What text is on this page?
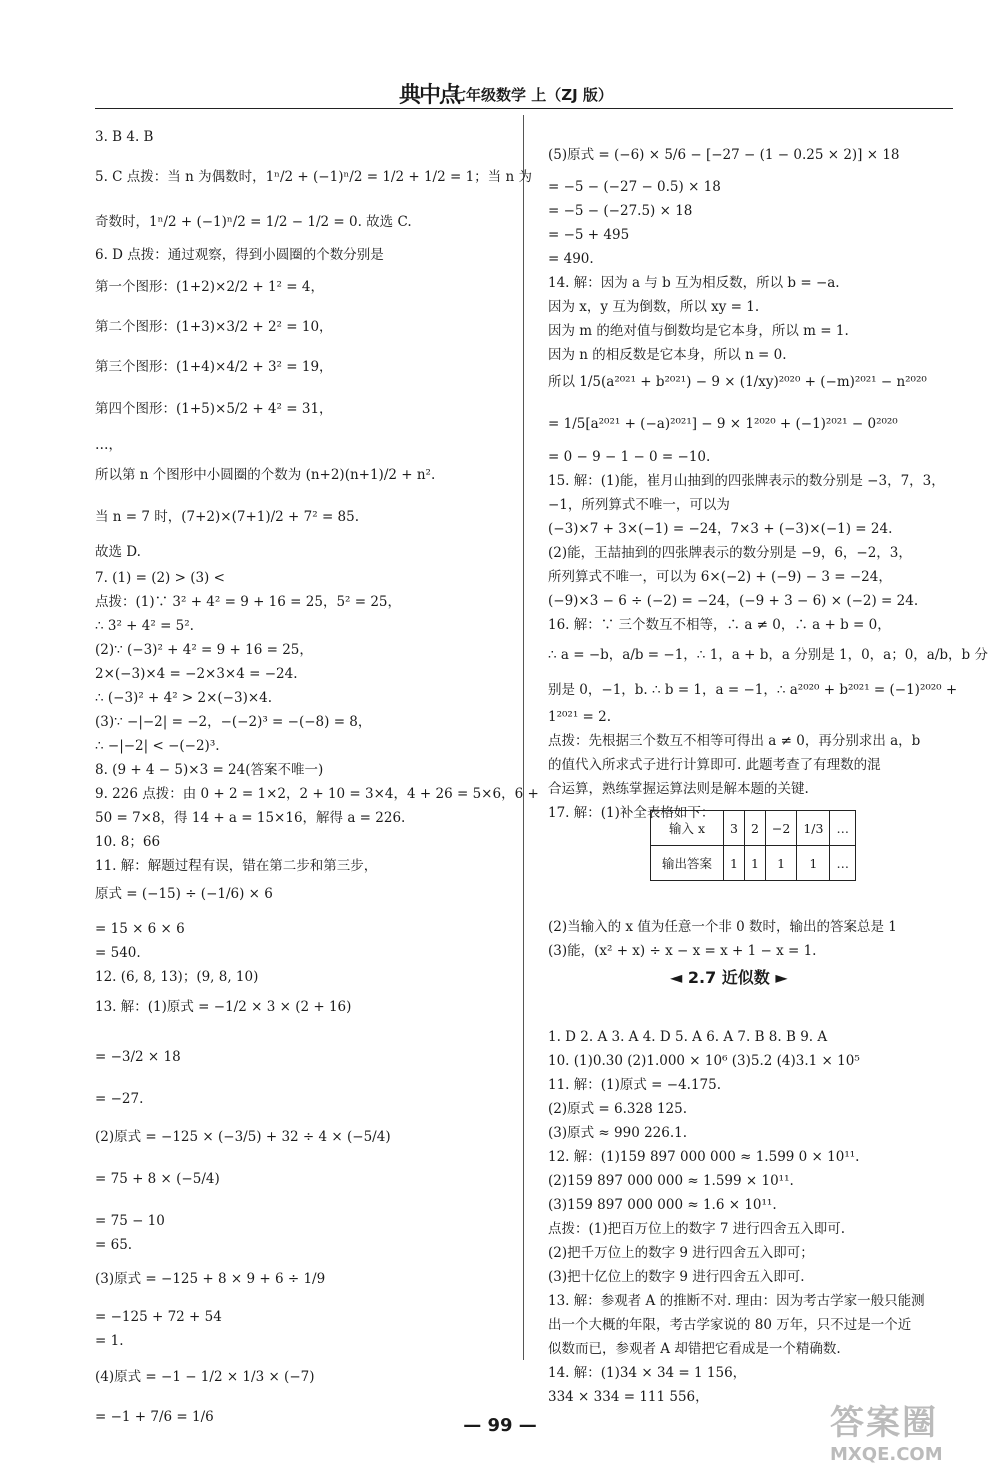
典中点
七年级数学 上（ZJ 版）
3. B 4. B
5. C 点拨：当 n 为偶数时，1ⁿ/2 + (−1)ⁿ/2 = 1/2 + 1/2 = 1；当 n 为
奇数时，1ⁿ/2 + (−1)ⁿ/2 = 1/2 − 1/2 = 0. 故选 C.
6. D 点拨：通过观察，得到小圆圈的个数分别是
第一个图形：(1+2)×2/2 + 1² = 4，
第二个图形：(1+3)×3/2 + 2² = 10，
第三个图形：(1+4)×4/2 + 3² = 19，
第四个图形：(1+5)×5/2 + 4² = 31，
…，
所以第 n 个图形中小圆圈的个数为 (n+2)(n+1)/2 + n².
当 n = 7 时，(7+2)×(7+1)/2 + 7² = 85.
故选 D.
7. (1) = (2) > (3) <
点拨：(1)∵ 3² + 4² = 9 + 16 = 25，5² = 25，
∴ 3² + 4² = 5².
(2)∵ (−3)² + 4² = 9 + 16 = 25，
2×(−3)×4 = −2×3×4 = −24.
∴ (−3)² + 4² > 2×(−3)×4.
(3)∵ −|−2| = −2，−(−2)³ = −(−8) = 8，
∴ −|−2| < −(−2)³.
8. (9 + 4 − 5)×3 = 24(答案不唯一)
9. 226 点拨：由 0 + 2 = 1×2，2 + 10 = 3×4，4 + 26 = 5×6，6 +
50 = 7×8，得 14 + a = 15×16，解得 a = 226.
10. 8；66
11. 解：解题过程有误，错在第二步和第三步，
原式 = (−15) ÷ (−1/6) × 6
= 15 × 6 × 6
= 540.
12. (6, 8, 13)；(9, 8, 10)
13. 解：(1)原式 = −1/2 × 3 × (2 + 16)
= −3/2 × 18
= −27.
(2)原式 = −125 × (−3/5) + 32 ÷ 4 × (−5/4)
= 75 + 8 × (−5/4)
= 75 − 10
= 65.
(3)原式 = −125 + 8 × 9 + 6 ÷ 1/9
= −125 + 72 + 54
= 1.
(4)原式 = −1 − 1/2 × 1/3 × (−7)
= −1 + 7/6 = 1/6
(5)原式 = (−6) × 5/6 − [−27 − (1 − 0.25 × 2)] × 18
= −5 − (−27 − 0.5) × 18
= −5 − (−27.5) × 18
= −5 + 495
= 490.
14. 解：因为 a 与 b 互为相反数，所以 b = −a.
因为 x，y 互为倒数，所以 xy = 1.
因为 m 的绝对值与倒数均是它本身，所以 m = 1.
因为 n 的相反数是它本身，所以 n = 0.
所以 1/5(a²⁰²¹ + b²⁰²¹) − 9 × (1/xy)²⁰²⁰ + (−m)²⁰²¹ − n²⁰²⁰
= 1/5[a²⁰²¹ + (−a)²⁰²¹] − 9 × 1²⁰²⁰ + (−1)²⁰²¹ − 0²⁰²⁰
= 0 − 9 − 1 − 0 = −10.
15. 解：(1)能，崔月山抽到的四张牌表示的数分别是 −3，7，3，
−1，所列算式不唯一，可以为
(−3)×7 + 3×(−1) = −24，7×3 + (−3)×(−1) = 24.
(2)能，王喆抽到的四张牌表示的数分别是 −9，6，−2，3，
所列算式不唯一，可以为 6×(−2) + (−9) − 3 = −24，
(−9)×3 − 6 ÷ (−2) = −24，(−9 + 3 − 6) × (−2) = 24.
16. 解：∵ 三个数互不相等，∴ a ≠ 0，∴ a + b = 0，
∴ a = −b，a/b = −1，∴ 1，a + b，a 分别是 1，0，a；0，a/b，b 分
别是 0，−1，b. ∴ b = 1，a = −1，∴ a²⁰²⁰ + b²⁰²¹ = (−1)²⁰²⁰ +
1²⁰²¹ = 2.
点拨：先根据三个数互不相等可得出 a ≠ 0，再分别求出 a，b
的值代入所求式子进行计算即可. 此题考查了有理数的混
合运算，熟练掌握运算法则是解本题的关键.
17. 解：(1)补全表格如下：
(2)当输入的 x 值为任意一个非 0 数时，输出的答案总是 1
(3)能，(x² + x) ÷ x − x = x + 1 − x = 1.
1. D 2. A 3. A 4. D 5. A 6. A 7. B 8. B 9. A
10. (1)0.30 (2)1.000 × 10⁶ (3)5.2 (4)3.1 × 10⁵
11. 解：(1)原式 = −4.175.
(2)原式 = 6.328 125.
(3)原式 ≈ 990 226.1.
12. 解：(1)159 897 000 000 ≈ 1.599 0 × 10¹¹.
(2)159 897 000 000 ≈ 1.599 × 10¹¹.
(3)159 897 000 000 ≈ 1.6 × 10¹¹.
点拨：(1)把百万位上的数字 7 进行四舍五入即可.
(2)把千万位上的数字 9 进行四舍五入即可；
(3)把十亿位上的数字 9 进行四舍五入即可.
13. 解：参观者 A 的推断不对. 理由：因为考古学家一般只能测
出一个大概的年限，考古学家说的 80 万年，只不过是一个近
似数而已，参观者 A 却错把它看成是一个精确数.
14. 解：(1)34 × 34 = 1 156，
334 × 334 = 111 556，
输入 x	3	2	−2	1/3	…
输出答案	1	1	1	1	…
◄ 2.7 近似数 ►
— 99 —	答案圈
MXQE.COM
